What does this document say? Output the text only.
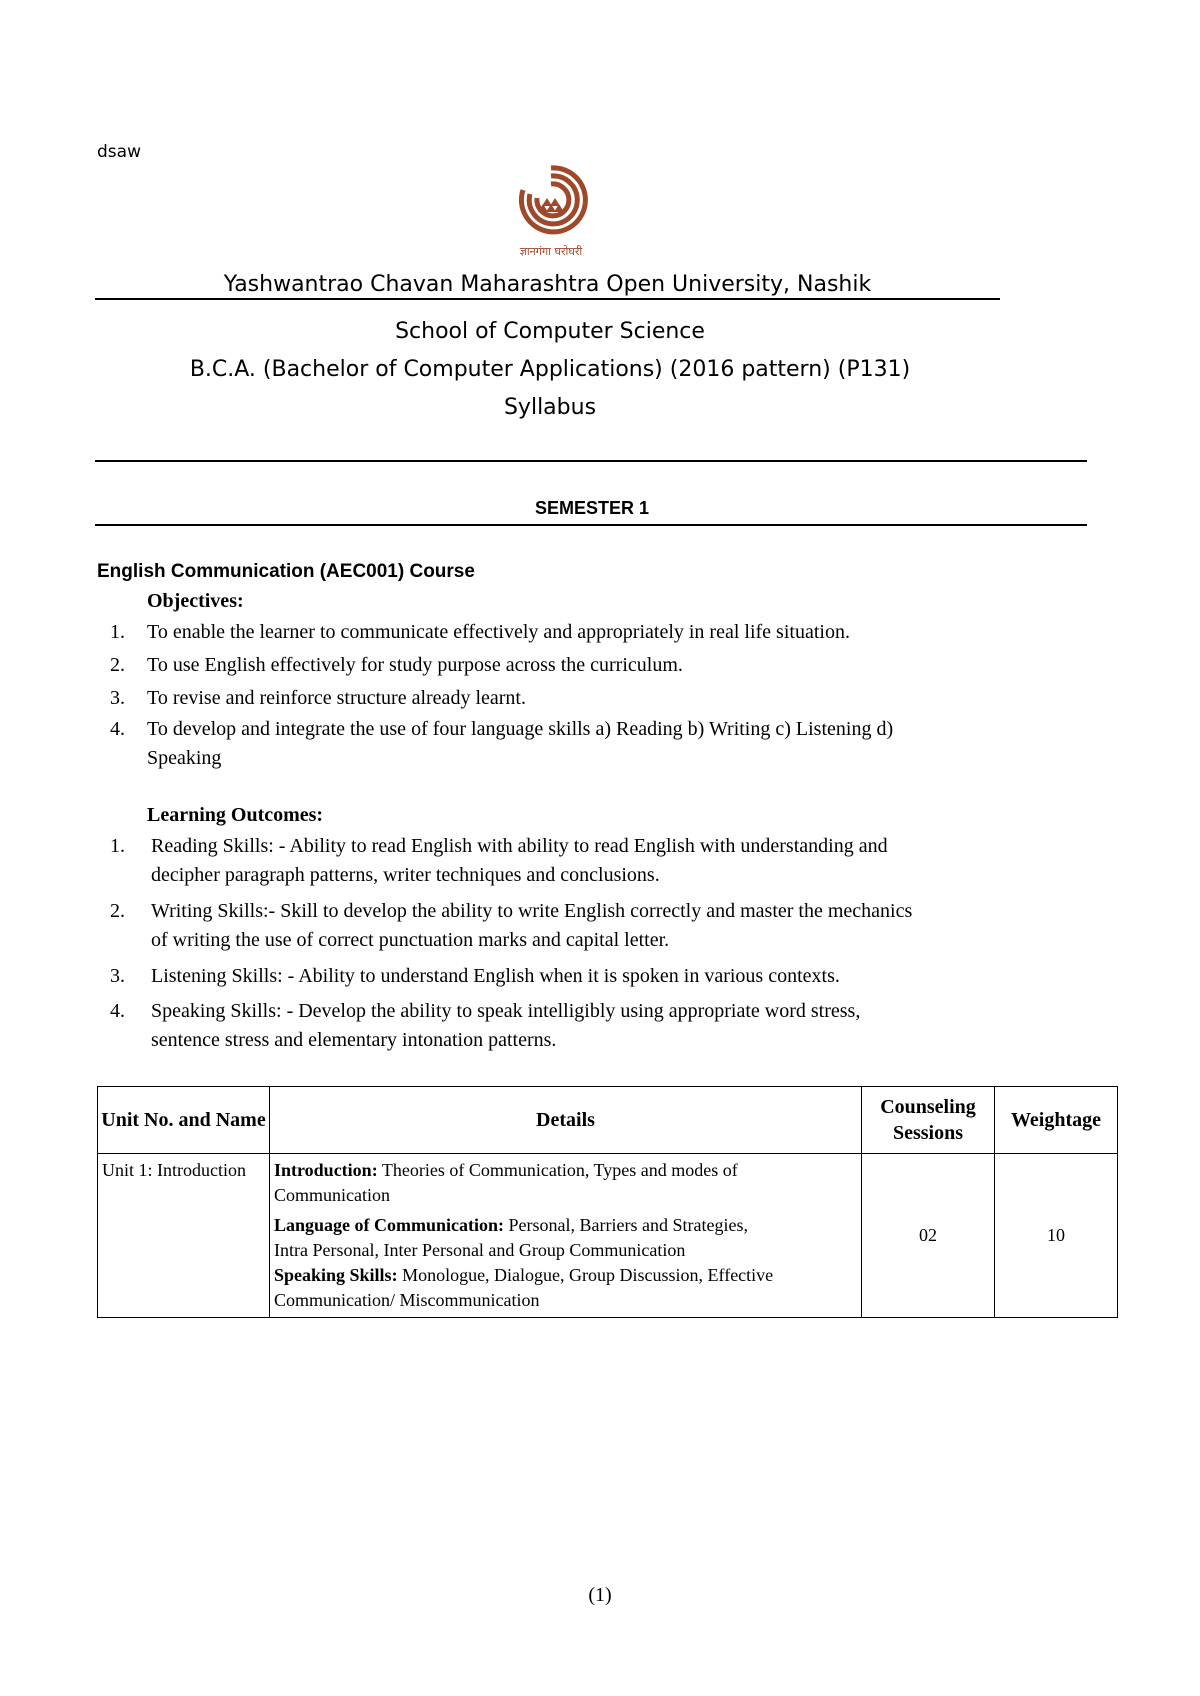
dsaw
ज्ञानगंगा घरोघरी
Yashwantrao Chavan Maharashtra Open University, Nashik
School of Computer Science
B.C.A. (Bachelor of Computer Applications) (2016 pattern) (P131)
Syllabus
SEMESTER 1
English Communication (AEC001) Course
Objectives:
1. To enable the learner to communicate effectively and appropriately in real life situation.
2. To use English effectively for study purpose across the curriculum.
3. To revise and reinforce structure already learnt.
4. To develop and integrate the use of four language skills a) Reading b) Writing c) Listening d)
Speaking
Learning Outcomes:
1. Reading Skills: - Ability to read English with ability to read English with understanding and
decipher paragraph patterns, writer techniques and conclusions.
2. Writing Skills:- Skill to develop the ability to write English correctly and master the mechanics
of writing the use of correct punctuation marks and capital letter.
3. Listening Skills: - Ability to understand English when it is spoken in various contexts.
4. Speaking Skills: - Develop the ability to speak intelligibly using appropriate word stress,
sentence stress and elementary intonation patterns.
Unit No. and Name	Details	Counseling Sessions	Weightage
Unit 1: Introduction	Introduction: Theories of Communication, Types and modes of Communication
Language of Communication: Personal, Barriers and Strategies,
Intra Personal, Inter Personal and Group Communication
Speaking Skills: Monologue, Dialogue, Group Discussion, Effective Communication/ Miscommunication	02	10
(1)
